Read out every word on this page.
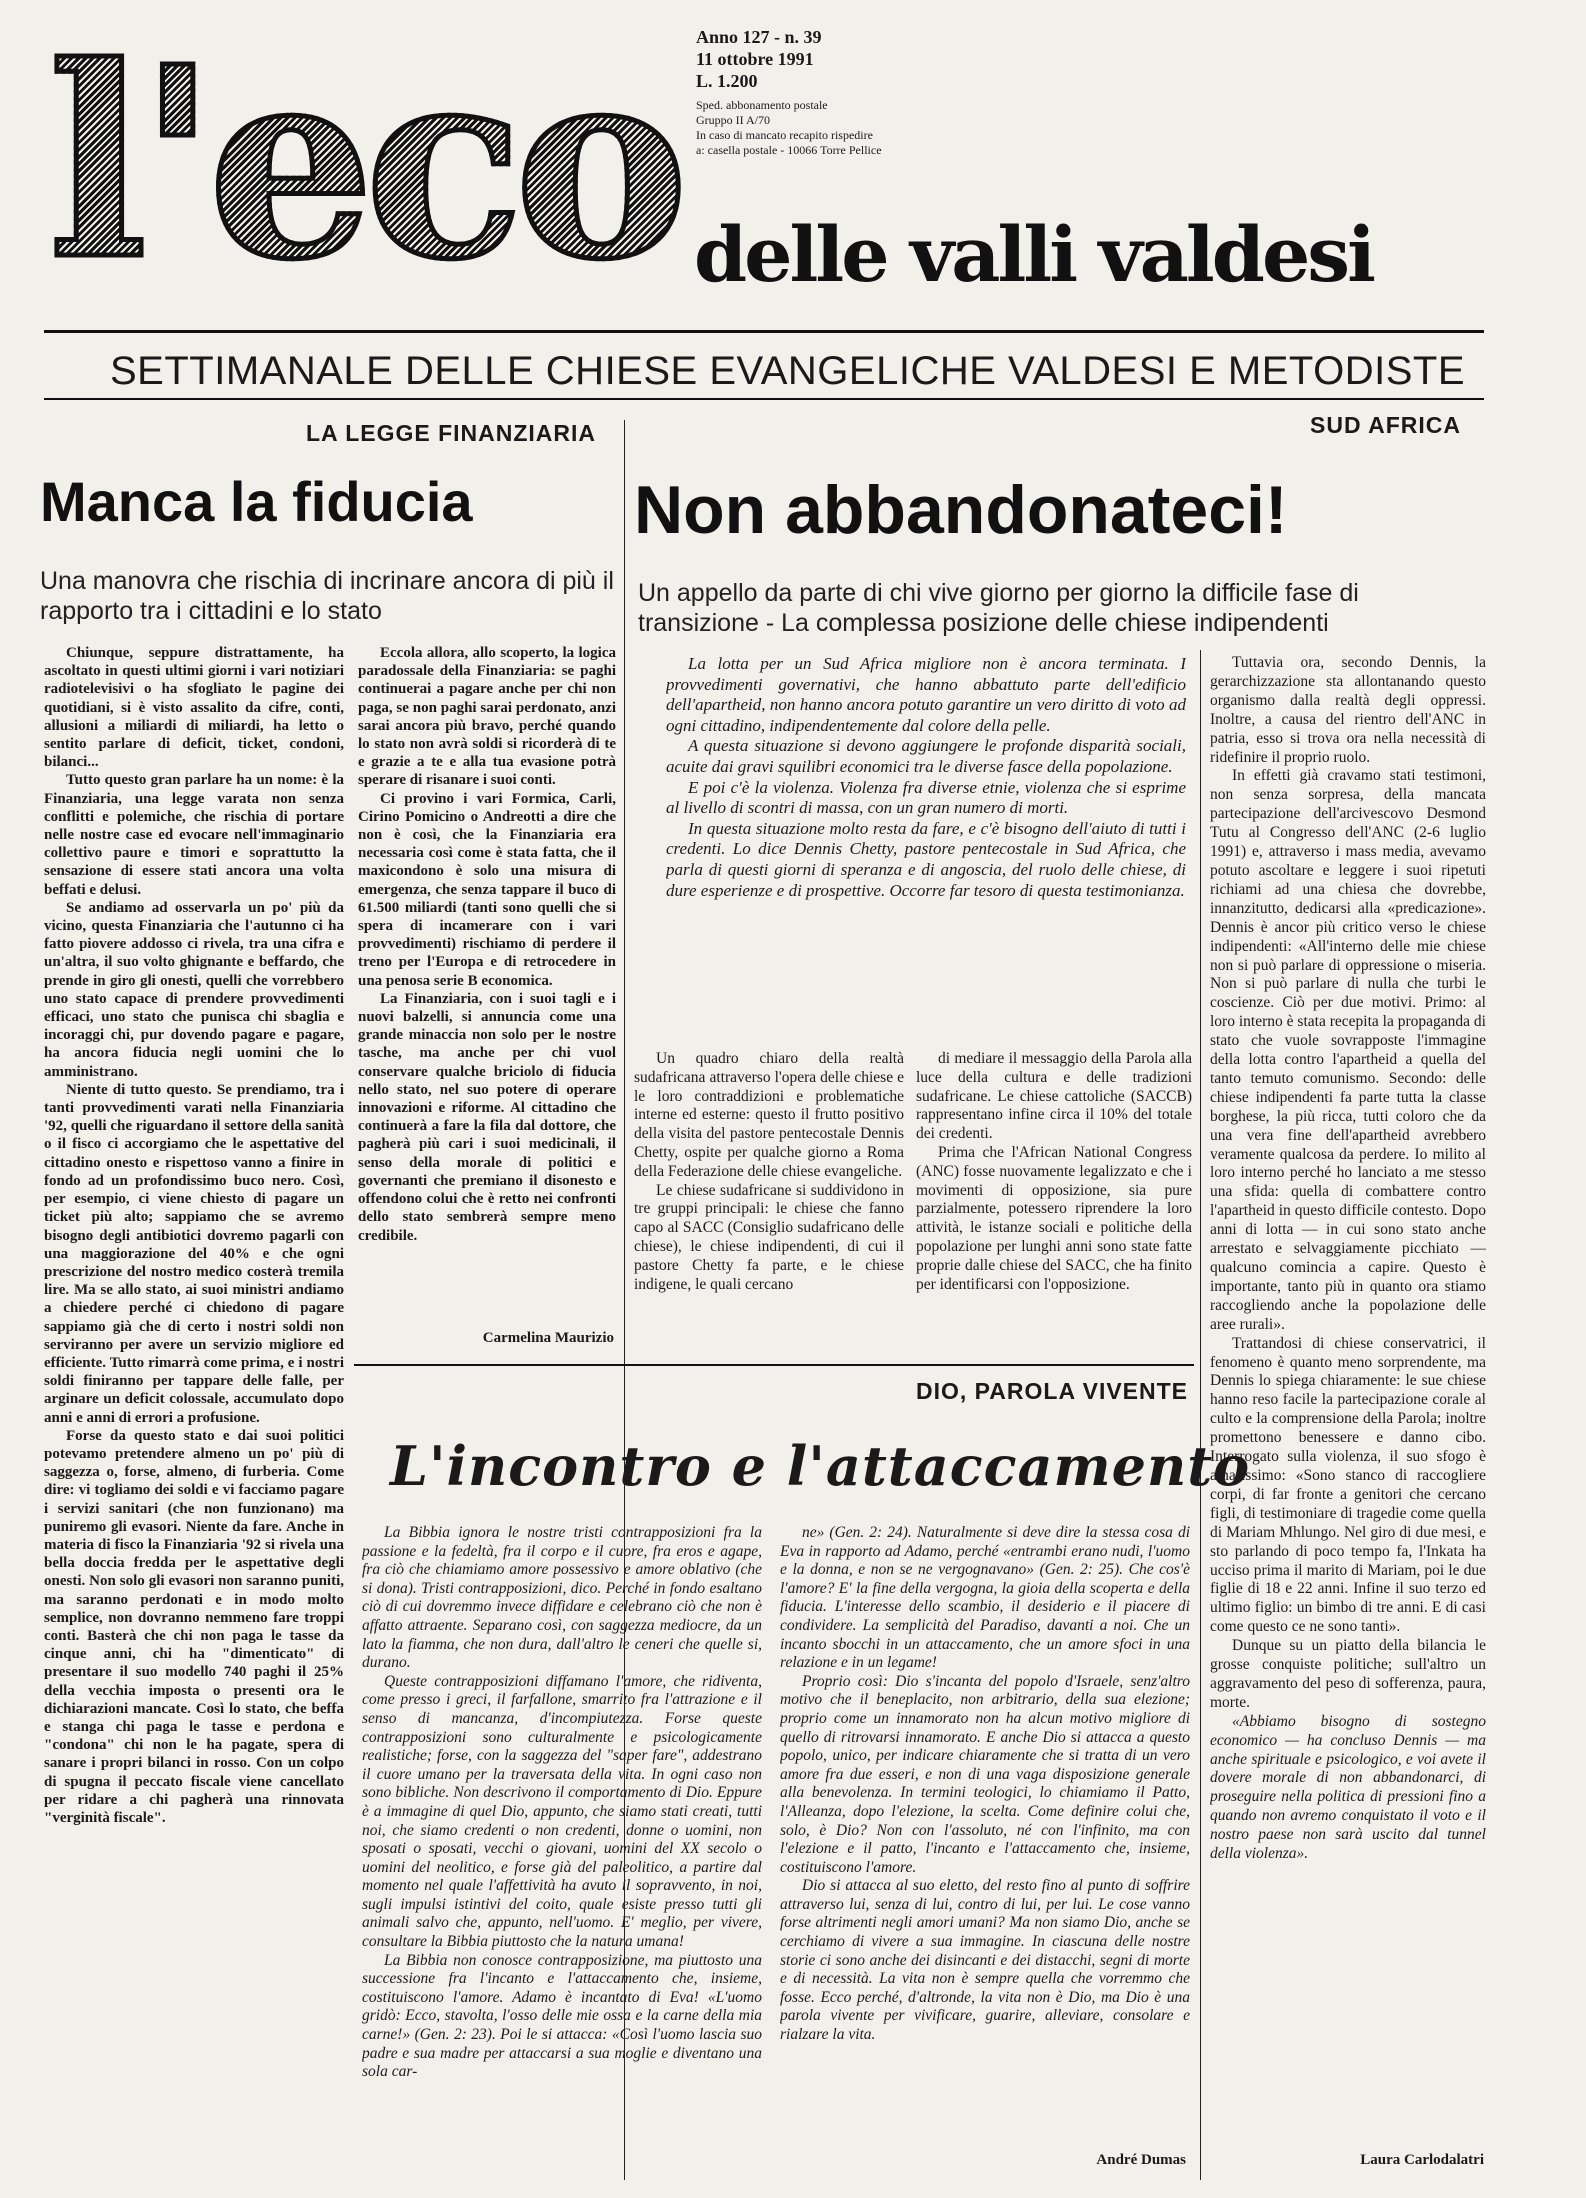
l'eco Anno 127 - n. 39
11 ottobre 1991
L. 1.200
Sped. abbonamento postale
Gruppo II A/70
In caso di mancato recapito rispedire
a: casella postale - 10066 Torre Pellice
delle valli valdesi
SETTIMANALE DELLE CHIESE EVANGELICHE VALDESI E METODISTE
LA LEGGE FINANZIARIA
Manca la fiducia
Una manovra che rischia di incrinare ancora di più il rapporto tra i cittadini e lo stato

Chiunque, seppure distrattamente, ha ascoltato in questi ultimi giorni i vari notiziari radiotelevisivi o ha sfogliato le pagine dei quotidiani, si è visto assalito da cifre, conti, allusioni a miliardi di miliardi, ha letto o sentito parlare di deficit, ticket, condoni, bilanci...

Tutto questo gran parlare ha un nome: è la Finanziaria, una legge varata non senza conflitti e polemiche, che rischia di portare nelle nostre case ed evocare nell'immaginario collettivo paure e timori e soprattutto la sensazione di essere stati ancora una volta beffati e delusi.

Se andiamo ad osservarla un po' più da vicino, questa Finanziaria che l'autunno ci ha fatto piovere addosso ci rivela, tra una cifra e un'altra, il suo volto ghignante e beffardo, che prende in giro gli onesti, quelli che vorrebbero uno stato capace di prendere provvedimenti efficaci, uno stato che punisca chi sbaglia e incoraggi chi, pur dovendo pagare e pagare, ha ancora fiducia negli uomini che lo amministrano.

Niente di tutto questo. Se prendiamo, tra i tanti provvedimenti varati nella Finanziaria '92, quelli che riguardano il settore della sanità o il fisco ci accorgiamo che le aspettative del cittadino onesto e rispettoso vanno a finire in fondo ad un profondissimo buco nero. Così, per esempio, ci viene chiesto di pagare un ticket più alto; sappiamo che se avremo bisogno degli antibiotici dovremo pagarli con una maggiorazione del 40% e che ogni prescrizione del nostro medico costerà tremila lire. Ma se allo stato, ai suoi ministri andiamo a chiedere perché ci chiedono di pagare sappiamo già che di certo i nostri soldi non serviranno per avere un servizio migliore ed efficiente. Tutto rimarrà come prima, e i nostri soldi finiranno per tappare delle falle, per arginare un deficit colossale, accumulato dopo anni e anni di errori a profusione.

Forse da questo stato e dai suoi politici potevamo pretendere almeno un po' più di saggezza o, forse, almeno, di furberia. Come dire: vi togliamo dei soldi e vi facciamo pagare i servizi sanitari (che non funzionano) ma puniremo gli evasori. Niente da fare. Anche in materia di fisco la Finanziaria '92 si rivela una bella doccia fredda per le aspettative degli onesti. Non solo gli evasori non saranno puniti, ma saranno perdonati e in modo molto semplice, non dovranno nemmeno fare troppi conti. Basterà che chi non paga le tasse da cinque anni, chi ha "dimenticato" di presentare il suo modello 740 paghi il 25% della vecchia imposta o presenti ora le dichiarazioni mancate. Così lo stato, che beffa e stanga chi paga le tasse e perdona e "condona" chi non le ha pagate, spera di sanare i propri bilanci in rosso. Con un colpo di spugna il peccato fiscale viene cancellato per ridare a chi pagherà una rinnovata "verginità fiscale".

Eccola allora, allo scoperto, la logica paradossale della Finanziaria: se paghi continuerai a pagare anche per chi non paga, se non paghi sarai perdonato, anzi sarai ancora più bravo, perché quando lo stato non avrà soldi si ricorderà di te e grazie a te e alla tua evasione potrà sperare di risanare i suoi conti.

Ci provino i vari Formica, Carli, Cirino Pomicino o Andreotti a dire che non è così, che la Finanziaria era necessaria così come è stata fatta, che il maxicondono è solo una misura di emergenza, che senza tappare il buco di 61.500 miliardi (tanti sono quelli che si spera di incamerare con i vari provvedimenti) rischiamo di perdere il treno per l'Europa e di retrocedere in una penosa serie B economica.

La Finanziaria, con i suoi tagli e i nuovi balzelli, si annuncia come una grande minaccia non solo per le nostre tasche, ma anche per chi vuol conservare qualche briciolo di fiducia nello stato, nel suo potere di operare innovazioni e riforme. Al cittadino che continuerà a fare la fila dal dottore, che pagherà più cari i suoi medicinali, il senso della morale di politici e governanti che premiano il disonesto e offendono colui che è retto nei confronti dello stato sembrerà sempre meno credibile.

Carmelina Maurizio
SUD AFRICA
Non abbandonateci!
Un appello da parte di chi vive giorno per giorno la difficile fase di transizione - La complessa posizione delle chiese indipendenti

La lotta per un Sud Africa migliore non è ancora terminata. I provvedimenti governativi, che hanno abbattuto parte dell'edificio dell'apartheid, non hanno ancora potuto garantire un vero diritto di voto ad ogni cittadino, indipendentemente dal colore della pelle.

A questa situazione si devono aggiungere le profonde disparità sociali, acuite dai gravi squilibri economici tra le diverse fasce della popolazione.

E poi c'è la violenza. Violenza fra diverse etnie, violenza che si esprime al livello di scontri di massa, con un gran numero di morti.

In questa situazione molto resta da fare, e c'è bisogno dell'aiuto di tutti i credenti. Lo dice Dennis Chetty, pastore pentecostale in Sud Africa, che parla di questi giorni di speranza e di angoscia, del ruolo delle chiese, di dure esperienze e di prospettive. Occorre far tesoro di questa testimonianza.

Un quadro chiaro della realtà sudafricana attraverso l'opera delle chiese e le loro contraddizioni e problematiche interne ed esterne: questo il frutto positivo della visita del pastore pentecostale Dennis Chetty, ospite per qualche giorno a Roma della Federazione delle chiese evangeliche.

Le chiese sudafricane si suddividono in tre gruppi principali: le chiese che fanno capo al SACC (Consiglio sudafricano delle chiese), le chiese indipendenti, di cui il pastore Chetty fa parte, e le chiese indigene, le quali cercano

di mediare il messaggio della Parola alla luce della cultura e delle tradizioni sudafricane. Le chiese cattoliche (SACCB) rappresentano infine circa il 10% del totale dei credenti.

Prima che l'African National Congress (ANC) fosse nuovamente legalizzato e che i movimenti di opposizione, sia pure parzialmente, potessero riprendere la loro attività, le istanze sociali e politiche della popolazione per lunghi anni sono state fatte proprie dalle chiese del SACC, che ha finito per identificarsi con l'opposizione.

Tuttavia ora, secondo Dennis, la gerarchizzazione sta allontanando questo organismo dalla realtà degli oppressi. Inoltre, a causa del rientro dell'ANC in patria, esso si trova ora nella necessità di ridefinire il proprio ruolo.

In effetti già cravamo stati testimoni, non senza sorpresa, della mancata partecipazione dell'arcivescovo Desmond Tutu al Congresso dell'ANC (2-6 luglio 1991) e, attraverso i mass media, avevamo potuto ascoltare e leggere i suoi ripetuti richiami ad una chiesa che dovrebbe, innanzitutto, dedicarsi alla «predicazione». Dennis è ancor più critico verso le chiese indipendenti: «All'interno delle mie chiese non si può parlare di oppressione o miseria. Non si può parlare di nulla che turbi le coscienze. Ciò per due motivi. Primo: al loro interno è stata recepita la propaganda di stato che vuole sovrapposte l'immagine della lotta contro l'apartheid a quella del tanto temuto comunismo. Secondo: delle chiese indipendenti fa parte tutta la classe borghese, la più ricca, tutti coloro che da una vera fine dell'apartheid avrebbero veramente qualcosa da perdere. Io milito al loro interno perché ho lanciato a me stesso una sfida: quella di combattere contro l'apartheid in questo difficile contesto. Dopo anni di lotta — in cui sono stato anche arrestato e selvaggiamente picchiato — qualcuno comincia a capire. Questo è importante, tanto più in quanto ora stiamo raccogliendo anche la popolazione delle aree rurali».

Trattandosi di chiese conservatrici, il fenomeno è quanto meno sorprendente, ma Dennis lo spiega chiaramente: le sue chiese hanno reso facile la partecipazione corale al culto e la comprensione della Parola; inoltre promettono benessere e danno cibo. Interrogato sulla violenza, il suo sfogo è amarissimo: «Sono stanco di raccogliere corpi, di far fronte a genitori che cercano figli, di testimoniare di tragedie come quella di Mariam Mhlungo. Nel giro di due mesi, e sto parlando di poco tempo fa, l'Inkata ha ucciso prima il marito di Mariam, poi le due figlie di 18 e 22 anni. Infine il suo terzo ed ultimo figlio: un bimbo di tre anni. E di casi come questo ce ne sono tanti».

Dunque su un piatto della bilancia le grosse conquiste politiche; sull'altro un aggravamento del peso di sofferenza, paura, morte.

«Abbiamo bisogno di sostegno economico — ha concluso Dennis — ma anche spirituale e psicologico, e voi avete il dovere morale di non abbandonarci, di proseguire nella politica di pressioni fino a quando non avremo conquistato il voto e il nostro paese non sarà uscito dal tunnel della violenza».

Laura Carlodalatri
DIO, PAROLA VIVENTE
L'incontro e l'attaccamento

La Bibbia ignora le nostre tristi contrapposizioni fra la passione e la fedeltà, fra il corpo e il cuore, fra eros e agape, fra ciò che chiamiamo amore possessivo e amore oblativo (che si dona). Tristi contrapposizioni, dico. Perché in fondo esaltano ciò di cui dovremmo invece diffidare e celebrano ciò che non è affatto attraente. Separano così, con saggezza mediocre, da un lato la fiamma, che non dura, dall'altro le ceneri che quelle si, durano.

Queste contrapposizioni diffamano l'amore, che ridiventa, come presso i greci, il farfallone, smarrito fra l'attrazione e il senso di mancanza, d'incompiutezza. Forse queste contrapposizioni sono culturalmente e psicologicamente realistiche; forse, con la saggezza del "saper fare", addestrano il cuore umano per la traversata della vita. In ogni caso non sono bibliche. Non descrivono il comportamento di Dio. Eppure è a immagine di quel Dio, appunto, che siamo stati creati, tutti noi, che siamo credenti o non credenti, donne o uomini, non sposati o sposati, vecchi o giovani, uomini del XX secolo o uomini del neolitico, e forse già del paleolitico, a partire dal momento nel quale l'affettività ha avuto il sopravvento, in noi, sugli impulsi istintivi del coito, quale esiste presso tutti gli animali salvo che, appunto, nell'uomo. E' meglio, per vivere, consultare la Bibbia piuttosto che la natura umana!

La Bibbia non conosce contrapposizione, ma piuttosto una successione fra l'incanto e l'attaccamento che, insieme, costituiscono l'amore. Adamo è incantato di Eva! «L'uomo gridò: Ecco, stavolta, l'osso delle mie ossa e la carne della mia carne!» (Gen. 2: 23). Poi le si attacca: «Così l'uomo lascia suo padre e sua madre per attaccarsi a sua moglie e diventano una sola car-

ne» (Gen. 2: 24). Naturalmente si deve dire la stessa cosa di Eva in rapporto ad Adamo, perché «entrambi erano nudi, l'uomo e la donna, e non se ne vergognavano» (Gen. 2: 25). Che cos'è l'amore? E' la fine della vergogna, la gioia della scoperta e della fiducia. L'interesse dello scambio, il desiderio e il piacere di condividere. La semplicità del Paradiso, davanti a noi. Che un incanto sbocchi in un attaccamento, che un amore sfoci in una relazione e in un legame!

Proprio così: Dio s'incanta del popolo d'Israele, senz'altro motivo che il beneplacito, non arbitrario, della sua elezione; proprio come un innamorato non ha alcun motivo migliore di quello di ritrovarsi innamorato. E anche Dio si attacca a questo popolo, unico, per indicare chiaramente che si tratta di un vero amore fra due esseri, e non di una vaga disposizione generale alla benevolenza. In termini teologici, lo chiamiamo il Patto, l'Alleanza, dopo l'elezione, la scelta. Come definire colui che, solo, è Dio? Non con l'assoluto, né con l'infinito, ma con l'elezione e il patto, l'incanto e l'attaccamento che, insieme, costituiscono l'amore.

Dio si attacca al suo eletto, del resto fino al punto di soffrire attraverso lui, senza di lui, contro di lui, per lui. Le cose vanno forse altrimenti negli amori umani? Ma non siamo Dio, anche se cerchiamo di vivere a sua immagine. In ciascuna delle nostre storie ci sono anche dei disincanti e dei distacchi, segni di morte e di necessità. La vita non è sempre quella che vorremmo che fosse. Ecco perché, d'altronde, la vita non è Dio, ma Dio è una parola vivente per vivificare, guarire, alleviare, consolare e rialzare la vita.

André Dumas
